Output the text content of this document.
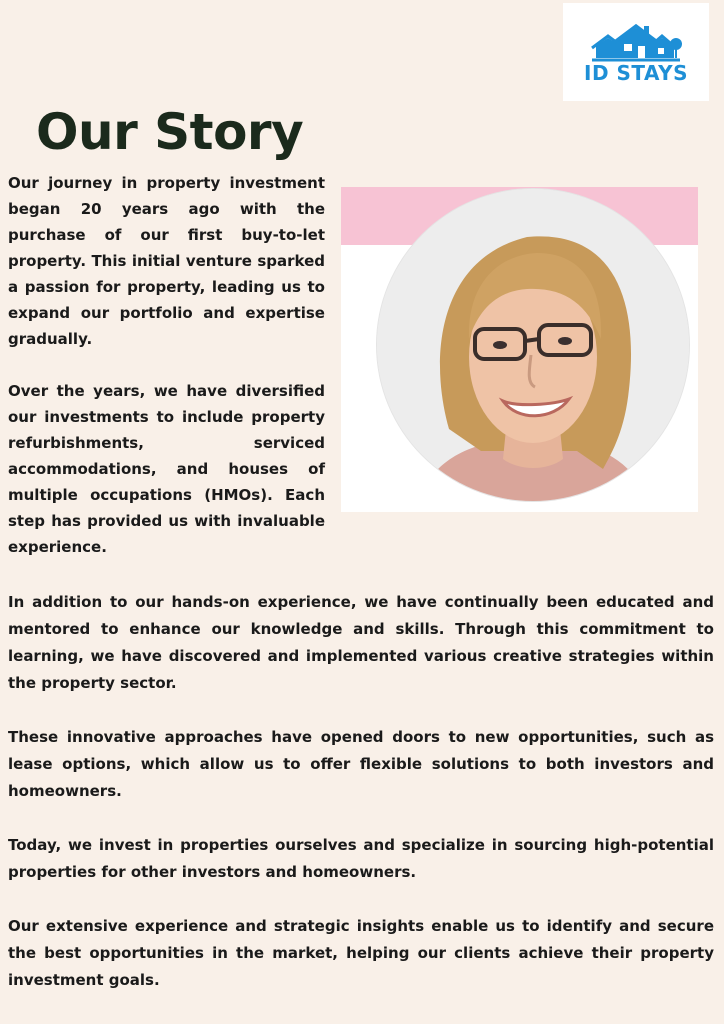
ID STAYS
Our Story

Our journey in property investment began 20 years ago with the purchase of our first buy-to-let property. This initial venture sparked a passion for property, leading us to expand our portfolio and expertise gradually.

Over the years, we have diversified our investments to include property refurbishments, serviced accommodations, and houses of multiple occupations (HMOs). Each step has provided us with invaluable experience.

In addition to our hands-on experience, we have continually been educated and mentored to enhance our knowledge and skills. Through this commitment to learning, we have discovered and implemented various creative strategies within the property sector.

These innovative approaches have opened doors to new opportunities, such as lease options, which allow us to offer flexible solutions to both investors and homeowners.

Today, we invest in properties ourselves and specialize in sourcing high-potential properties for other investors and homeowners.

Our extensive experience and strategic insights enable us to identify and secure the best opportunities in the market, helping our clients achieve their property investment goals.
